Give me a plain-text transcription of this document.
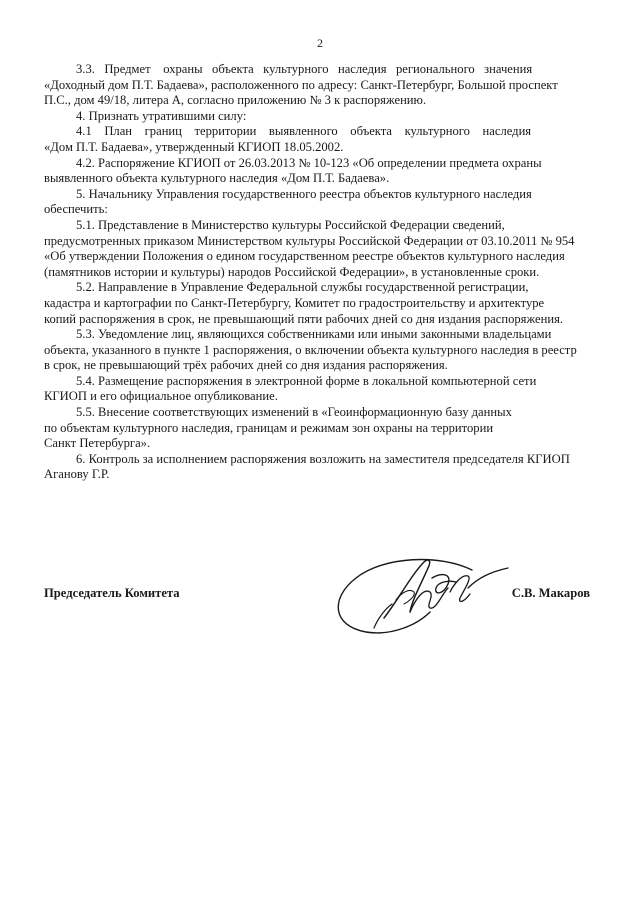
2

3.3.   Предмет    охраны   объекта   культурного   наследия   регионального   значения
«Доходный дом П.Т. Бадаева», расположенного по адресу: Санкт-Петербург, Большой проспект
П.С., дом 49/18, литера А, согласно приложению № 3 к распоряжению.

4. Признать утратившими силу:

4.1    План    границ    территории    выявленного    объекта    культурного    наследия
«Дом П.Т. Бадаева», утвержденный КГИОП 18.05.2002.

4.2. Распоряжение КГИОП от 26.03.2013 № 10-123 «Об определении предмета охраны
выявленного объекта культурного наследия «Дом П.Т. Бадаева».

5. Начальнику Управления государственного реестра объектов культурного наследия
обеспечить:

5.1. Представление в Министерство культуры Российской Федерации сведений,
предусмотренных приказом Министерством культуры Российской Федерации от 03.10.2011 № 954
«Об утверждении Положения о едином государственном реестре объектов культурного наследия
(памятников истории и культуры) народов Российской Федерации», в установленные сроки.

5.2. Направление в Управление Федеральной службы государственной регистрации,
кадастра и картографии по Санкт-Петербургу, Комитет по градостроительству и архитектуре
копий распоряжения в срок, не превышающий пяти рабочих дней со дня издания распоряжения.

5.3. Уведомление лиц, являющихся собственниками или иными законными владельцами
объекта, указанного в пункте 1 распоряжения, о включении объекта культурного наследия в реестр
в срок, не превышающий трёх рабочих дней со дня издания распоряжения.

5.4. Размещение распоряжения в электронной форме в локальной компьютерной сети
КГИОП и его официальное опубликование.

5.5. Внесение соответствующих изменений в «Геоинформационную базу данных
по объектам культурного наследия, границам и режимам зон охраны на территории
Санкт Петербурга».

6. Контроль за исполнением распоряжения возложить на заместителя председателя КГИОП
Аганову Г.Р.

Председатель Комитета	С.В. Макаров
